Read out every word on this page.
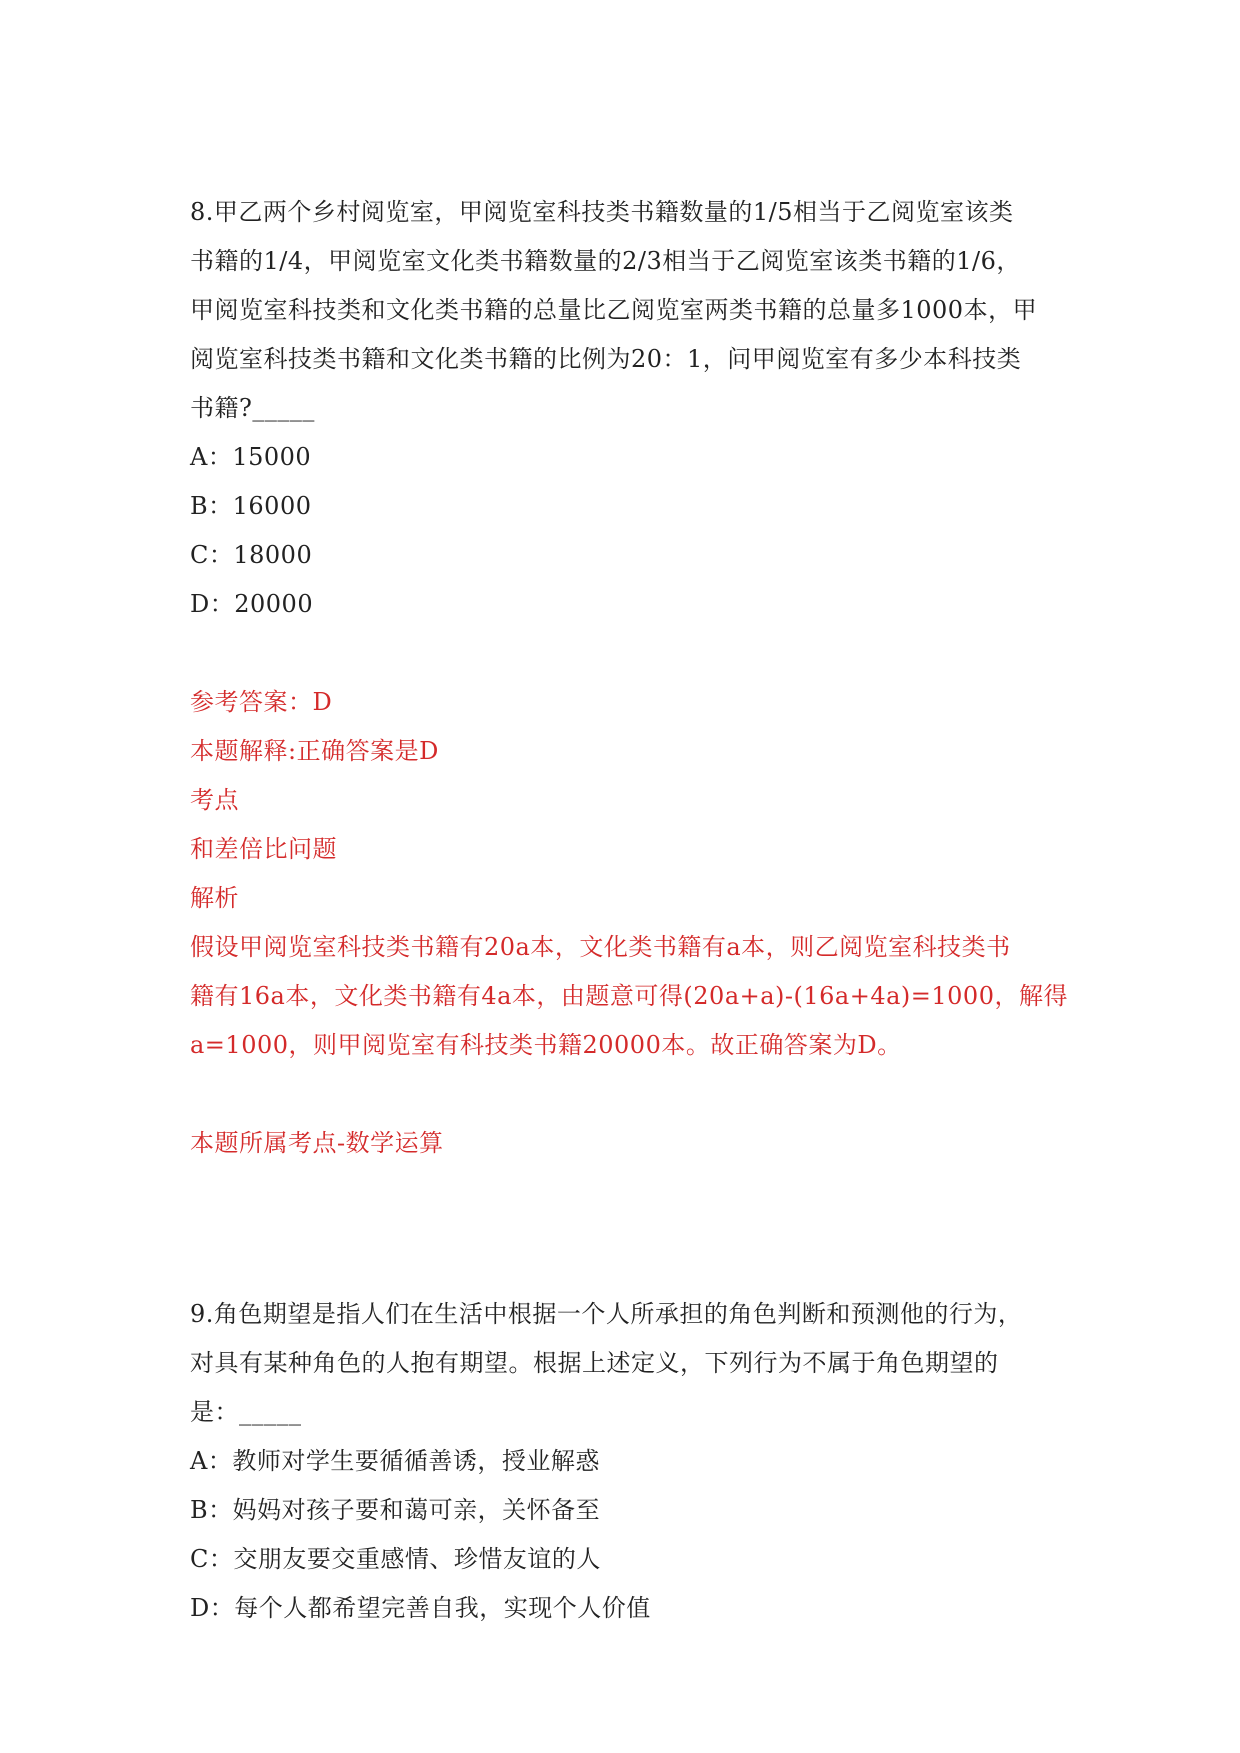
8.甲乙两个乡村阅览室，甲阅览室科技类书籍数量的1/5相当于乙阅览室该类
书籍的1/4，甲阅览室文化类书籍数量的2/3相当于乙阅览室该类书籍的1/6，
甲阅览室科技类和文化类书籍的总量比乙阅览室两类书籍的总量多1000本，甲
阅览室科技类书籍和文化类书籍的比例为20：1，问甲阅览室有多少本科技类
书籍?_____
A：15000
B：16000
C：18000
D：20000
参考答案：D
本题解释:正确答案是D
考点
和差倍比问题
解析
假设甲阅览室科技类书籍有20a本，文化类书籍有a本，则乙阅览室科技类书
籍有16a本，文化类书籍有4a本，由题意可得(20a+a)-(16a+4a)=1000，解得
a=1000，则甲阅览室有科技类书籍20000本。故正确答案为D。
本题所属考点-数学运算
9.角色期望是指人们在生活中根据一个人所承担的角色判断和预测他的行为，
对具有某种角色的人抱有期望。根据上述定义，下列行为不属于角色期望的
是：_____
A：教师对学生要循循善诱，授业解惑
B：妈妈对孩子要和蔼可亲，关怀备至
C：交朋友要交重感情、珍惜友谊的人
D：每个人都希望完善自我，实现个人价值
